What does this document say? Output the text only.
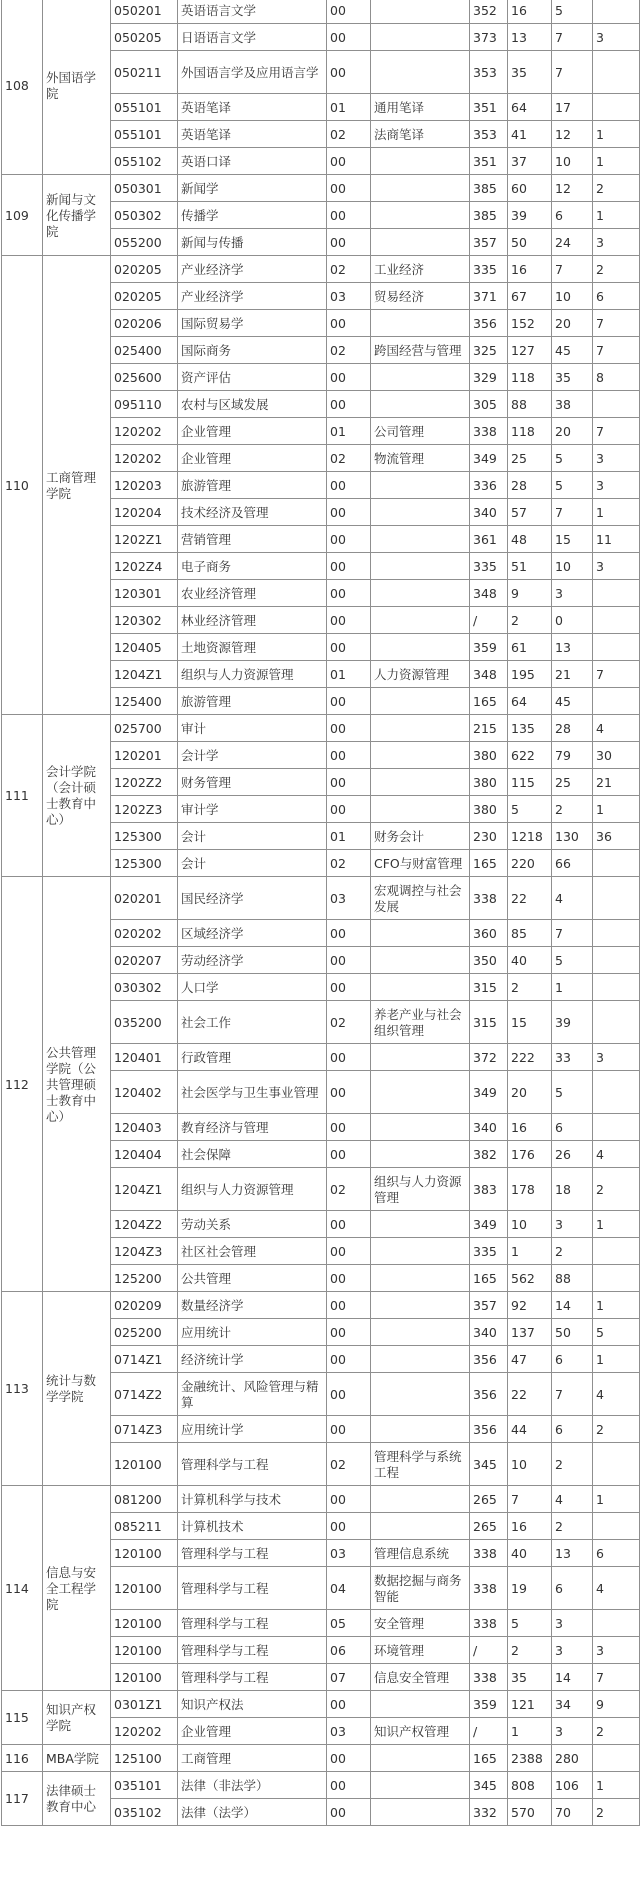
108	外国语学院	050201	英语语言文学	00		352	16	5	
		050205	日语语言文学	00		373	13	7	3
		050211	外国语言学及应用语言学	00		353	35	7	
		055101	英语笔译	01	通用笔译	351	64	17	
		055101	英语笔译	02	法商笔译	353	41	12	1
		055102	英语口译	00		351	37	10	1
109	新闻与文化传播学院	050301	新闻学	00		385	60	12	2
		050302	传播学	00		385	39	6	1
		055200	新闻与传播	00		357	50	24	3
110	工商管理学院	020205	产业经济学	02	工业经济	335	16	7	2
		020205	产业经济学	03	贸易经济	371	67	10	6
		020206	国际贸易学	00		356	152	20	7
		025400	国际商务	02	跨国经营与管理	325	127	45	7
		025600	资产评估	00		329	118	35	8
		095110	农村与区域发展	00		305	88	38	
		120202	企业管理	01	公司管理	338	118	20	7
		120202	企业管理	02	物流管理	349	25	5	3
		120203	旅游管理	00		336	28	5	3
		120204	技术经济及管理	00		340	57	7	1
		1202Z1	营销管理	00		361	48	15	11
		1202Z4	电子商务	00		335	51	10	3
		120301	农业经济管理	00		348	9	3	
		120302	林业经济管理	00		/	2	0	
		120405	土地资源管理	00		359	61	13	
		1204Z1	组织与人力资源管理	01	人力资源管理	348	195	21	7
		125400	旅游管理	00		165	64	45	
111	会计学院（会计硕士教育中心）	025700	审计	00		215	135	28	4
		120201	会计学	00		380	622	79	30
		1202Z2	财务管理	00		380	115	25	21
		1202Z3	审计学	00		380	5	2	1
		125300	会计	01	财务会计	230	1218	130	36
		125300	会计	02	CFO与财富管理	165	220	66	
112	公共管理学院（公共管理硕士教育中心）	020201	国民经济学	03	宏观调控与社会发展	338	22	4	
		020202	区域经济学	00		360	85	7	
		020207	劳动经济学	00		350	40	5	
		030302	人口学	00		315	2	1	
		035200	社会工作	02	养老产业与社会组织管理	315	15	39	
		120401	行政管理	00		372	222	33	3
		120402	社会医学与卫生事业管理	00		349	20	5	
		120403	教育经济与管理	00		340	16	6	
		120404	社会保障	00		382	176	26	4
		1204Z1	组织与人力资源管理	02	组织与人力资源管理	383	178	18	2
		1204Z2	劳动关系	00		349	10	3	1
		1204Z3	社区社会管理	00		335	1	2	
		125200	公共管理	00		165	562	88	
113	统计与数学学院	020209	数量经济学	00		357	92	14	1
		025200	应用统计	00		340	137	50	5
		0714Z1	经济统计学	00		356	47	6	1
		0714Z2	金融统计、风险管理与精算	00		356	22	7	4
		0714Z3	应用统计学	00		356	44	6	2
		120100	管理科学与工程	02	管理科学与系统工程	345	10	2	
114	信息与安全工程学院	081200	计算机科学与技术	00		265	7	4	1
		085211	计算机技术	00		265	16	2	
		120100	管理科学与工程	03	管理信息系统	338	40	13	6
		120100	管理科学与工程	04	数据挖掘与商务智能	338	19	6	4
		120100	管理科学与工程	05	安全管理	338	5	3	
		120100	管理科学与工程	06	环境管理	/	2	3	3
		120100	管理科学与工程	07	信息安全管理	338	35	14	7
115	知识产权学院	0301Z1	知识产权法	00		359	121	34	9
		120202	企业管理	03	知识产权管理	/	1	3	2
116	MBA学院	125100	工商管理	00		165	2388	280	
117	法律硕士教育中心	035101	法律（非法学）	00		345	808	106	1
		035102	法律（法学）	00		332	570	70	2
